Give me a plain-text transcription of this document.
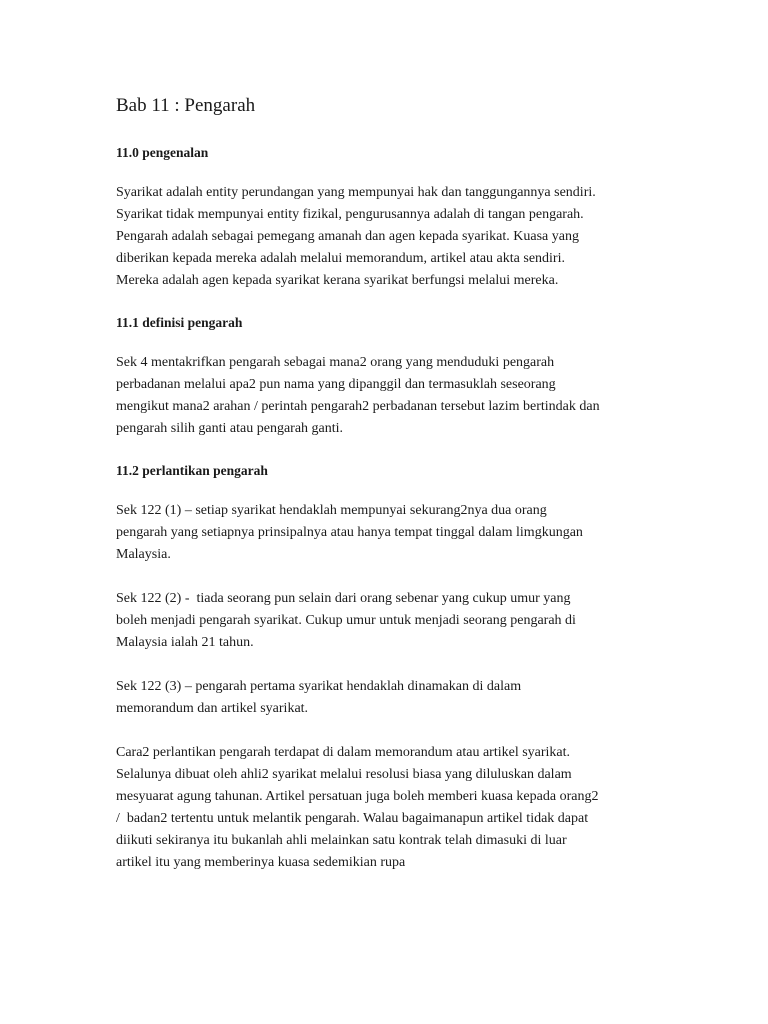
Bab 11 : Pengarah
11.0 pengenalan

Syarikat adalah entity perundangan yang mempunyai hak dan tanggungannya sendiri.
Syarikat tidak mempunyai entity fizikal, pengurusannya adalah di tangan pengarah.
Pengarah adalah sebagai pemegang amanah dan agen kepada syarikat. Kuasa yang
diberikan kepada mereka adalah melalui memorandum, artikel atau akta sendiri.
Mereka adalah agen kepada syarikat kerana syarikat berfungsi melalui mereka.

11.1 definisi pengarah

Sek 4 mentakrifkan pengarah sebagai mana2 orang yang menduduki pengarah
perbadanan melalui apa2 pun nama yang dipanggil dan termasuklah seseorang
mengikut mana2 arahan / perintah pengarah2 perbadanan tersebut lazim bertindak dan
pengarah silih ganti atau pengarah ganti.

11.2 perlantikan pengarah

Sek 122 (1) – setiap syarikat hendaklah mempunyai sekurang2nya dua orang
pengarah yang setiapnya prinsipalnya atau hanya tempat tinggal dalam limgkungan
Malaysia.

Sek 122 (2) -  tiada seorang pun selain dari orang sebenar yang cukup umur yang
boleh menjadi pengarah syarikat. Cukup umur untuk menjadi seorang pengarah di
Malaysia ialah 21 tahun.

Sek 122 (3) – pengarah pertama syarikat hendaklah dinamakan di dalam
memorandum dan artikel syarikat.

Cara2 perlantikan pengarah terdapat di dalam memorandum atau artikel syarikat.
Selalunya dibuat oleh ahli2 syarikat melalui resolusi biasa yang diluluskan dalam
mesyuarat agung tahunan. Artikel persatuan juga boleh memberi kuasa kepada orang2
/  badan2 tertentu untuk melantik pengarah. Walau bagaimanapun artikel tidak dapat
diikuti sekiranya itu bukanlah ahli melainkan satu kontrak telah dimasuki di luar
artikel itu yang memberinya kuasa sedemikian rupa
